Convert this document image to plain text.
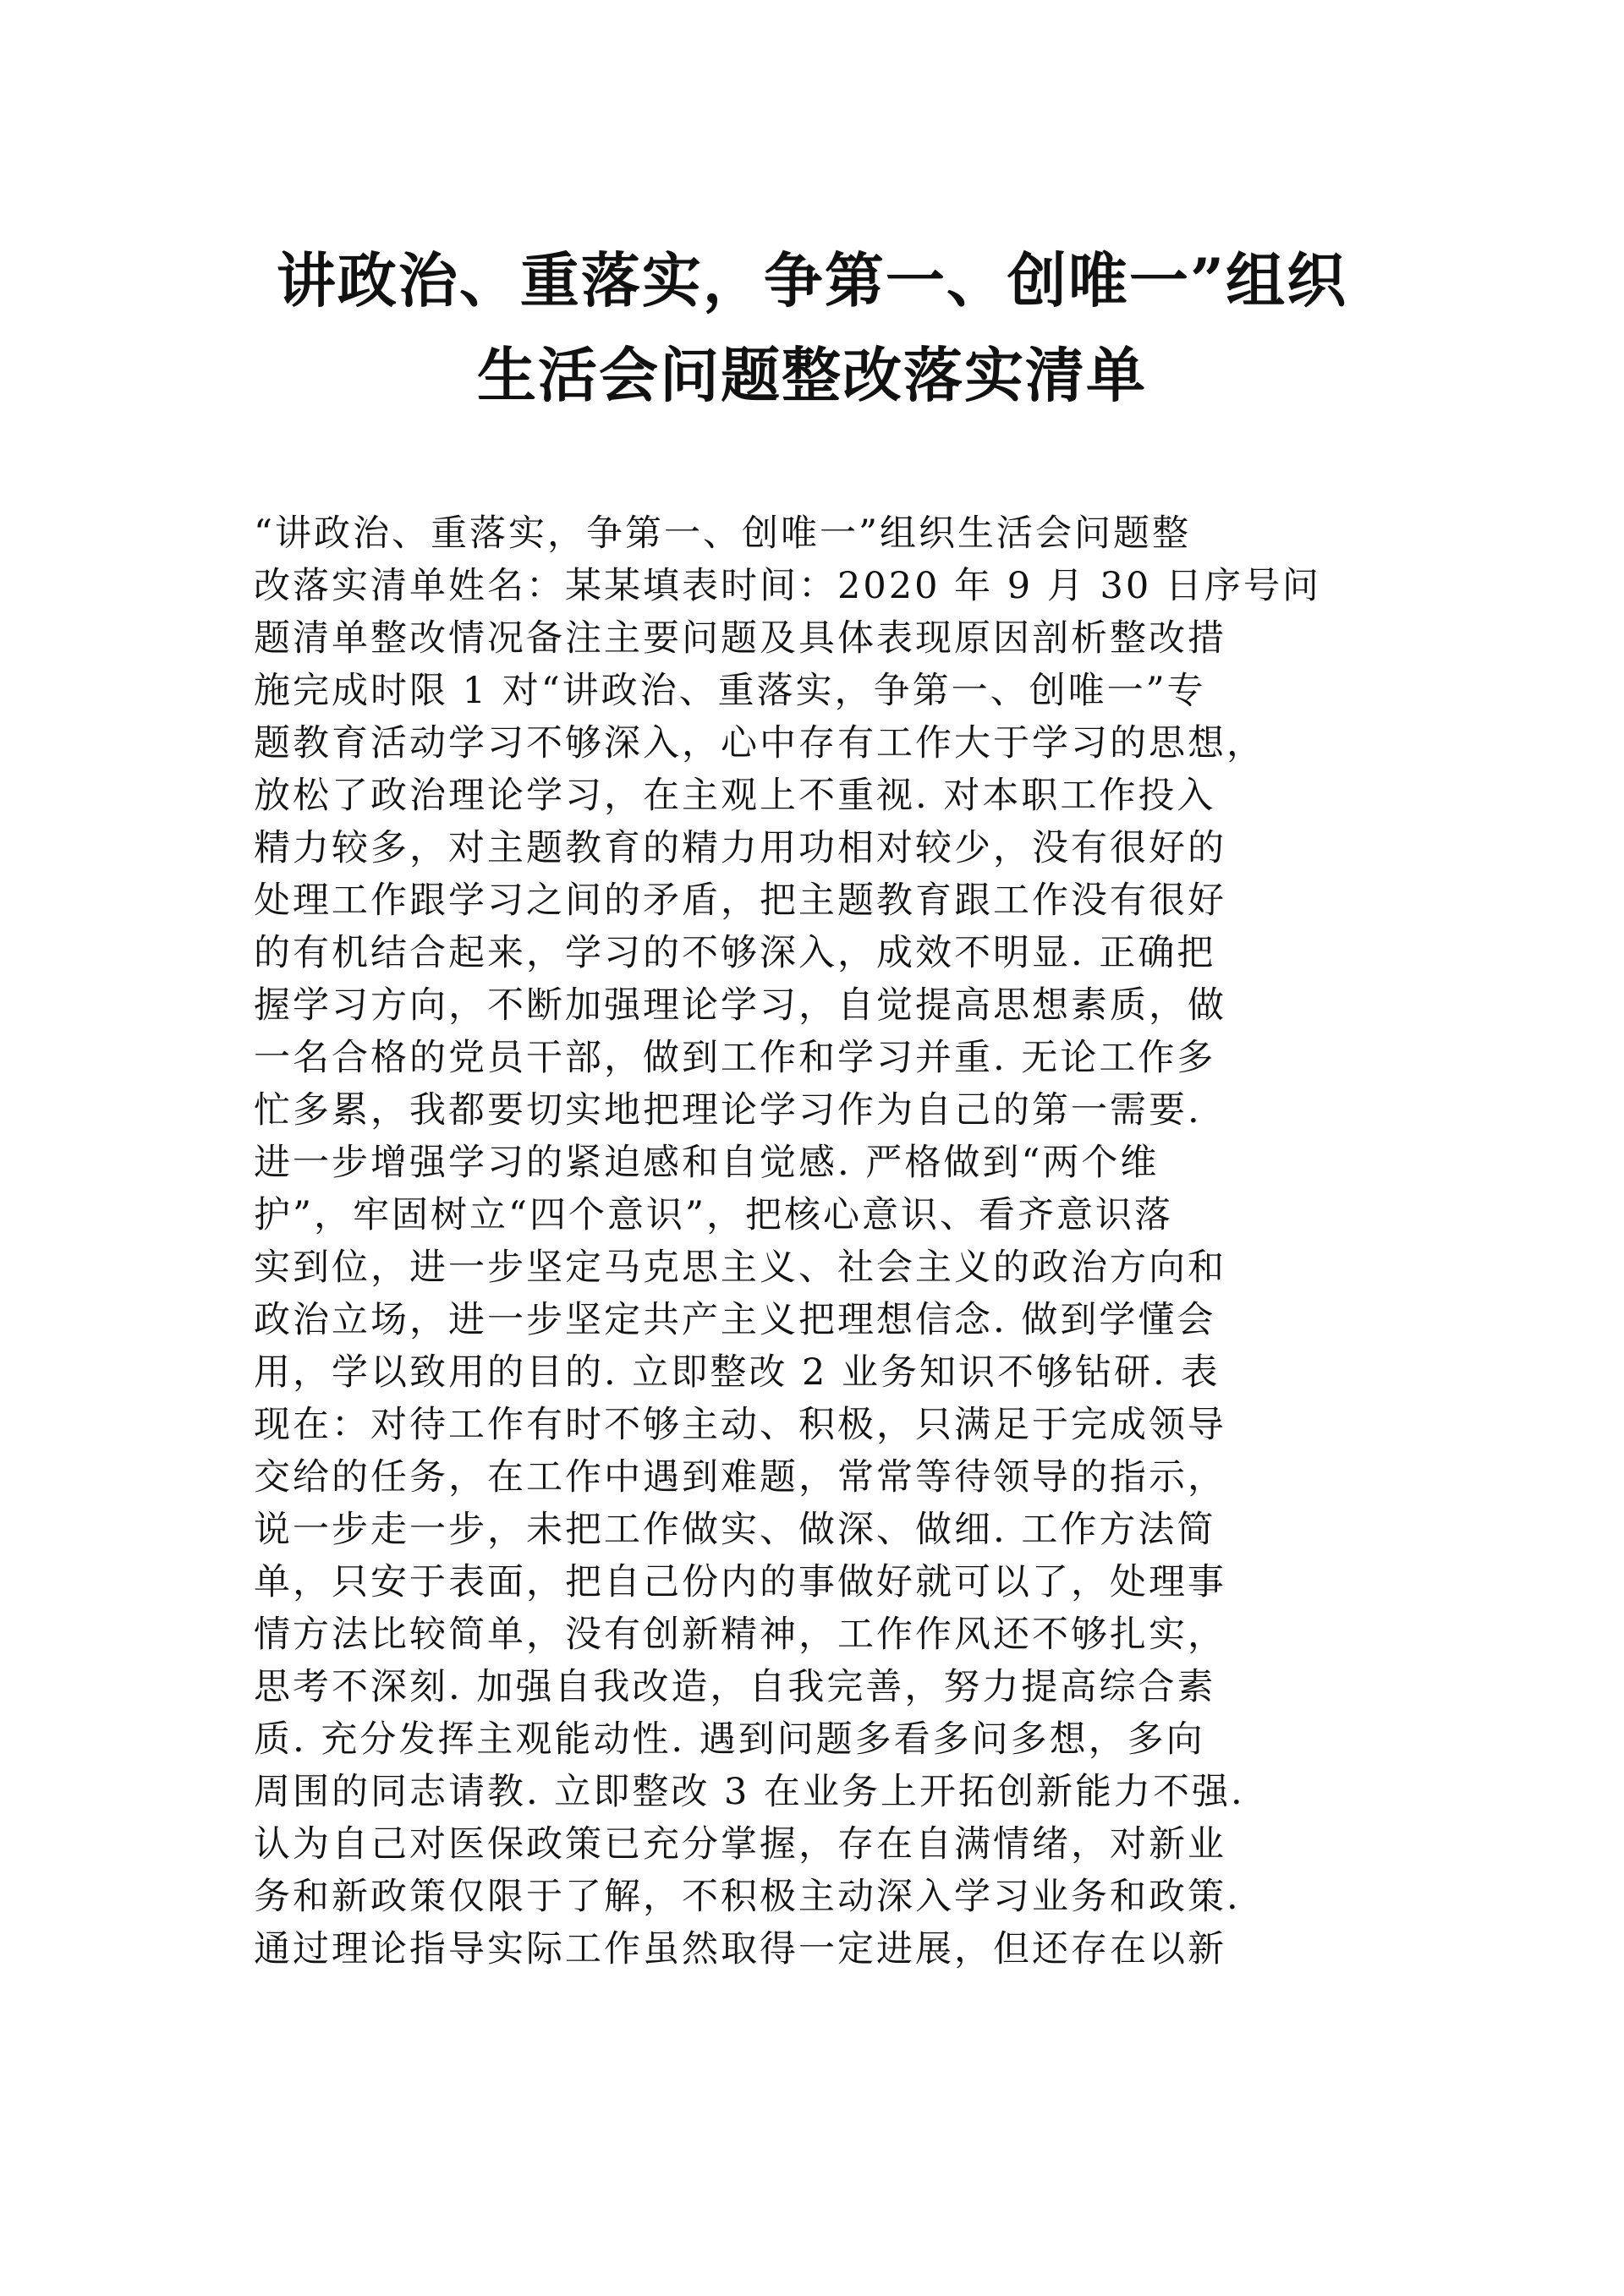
讲政治、重落实，争第一、创唯一”组织
生活会问题整改落实清单
“讲政治、重落实，争第一、创唯一”组织生活会问题整
改落实清单姓名：某某填表时间：2020 年 9 月 30 日序号问
题清单整改情况备注主要问题及具体表现原因剖析整改措
施完成时限 1 对“讲政治、重落实，争第一、创唯一”专
题教育活动学习不够深入，心中存有工作大于学习的思想，
放松了政治理论学习，在主观上不重视. 对本职工作投入
精力较多，对主题教育的精力用功相对较少，没有很好的
处理工作跟学习之间的矛盾，把主题教育跟工作没有很好
的有机结合起来，学习的不够深入，成效不明显. 正确把
握学习方向，不断加强理论学习，自觉提高思想素质，做
一名合格的党员干部，做到工作和学习并重. 无论工作多
忙多累，我都要切实地把理论学习作为自己的第一需要.
进一步增强学习的紧迫感和自觉感. 严格做到“两个维
护”，牢固树立“四个意识”，把核心意识、看齐意识落
实到位，进一步坚定马克思主义、社会主义的政治方向和
政治立场，进一步坚定共产主义把理想信念. 做到学懂会
用，学以致用的目的. 立即整改 2 业务知识不够钻研. 表
现在：对待工作有时不够主动、积极，只满足于完成领导
交给的任务，在工作中遇到难题，常常等待领导的指示，
说一步走一步，未把工作做实、做深、做细. 工作方法简
单，只安于表面，把自己份内的事做好就可以了，处理事
情方法比较简单，没有创新精神，工作作风还不够扎实，
思考不深刻. 加强自我改造，自我完善，努力提高综合素
质. 充分发挥主观能动性. 遇到问题多看多问多想，多向
周围的同志请教. 立即整改 3 在业务上开拓创新能力不强.
认为自己对医保政策已充分掌握，存在自满情绪，对新业
务和新政策仅限于了解，不积极主动深入学习业务和政策.
通过理论指导实际工作虽然取得一定进展，但还存在以新
